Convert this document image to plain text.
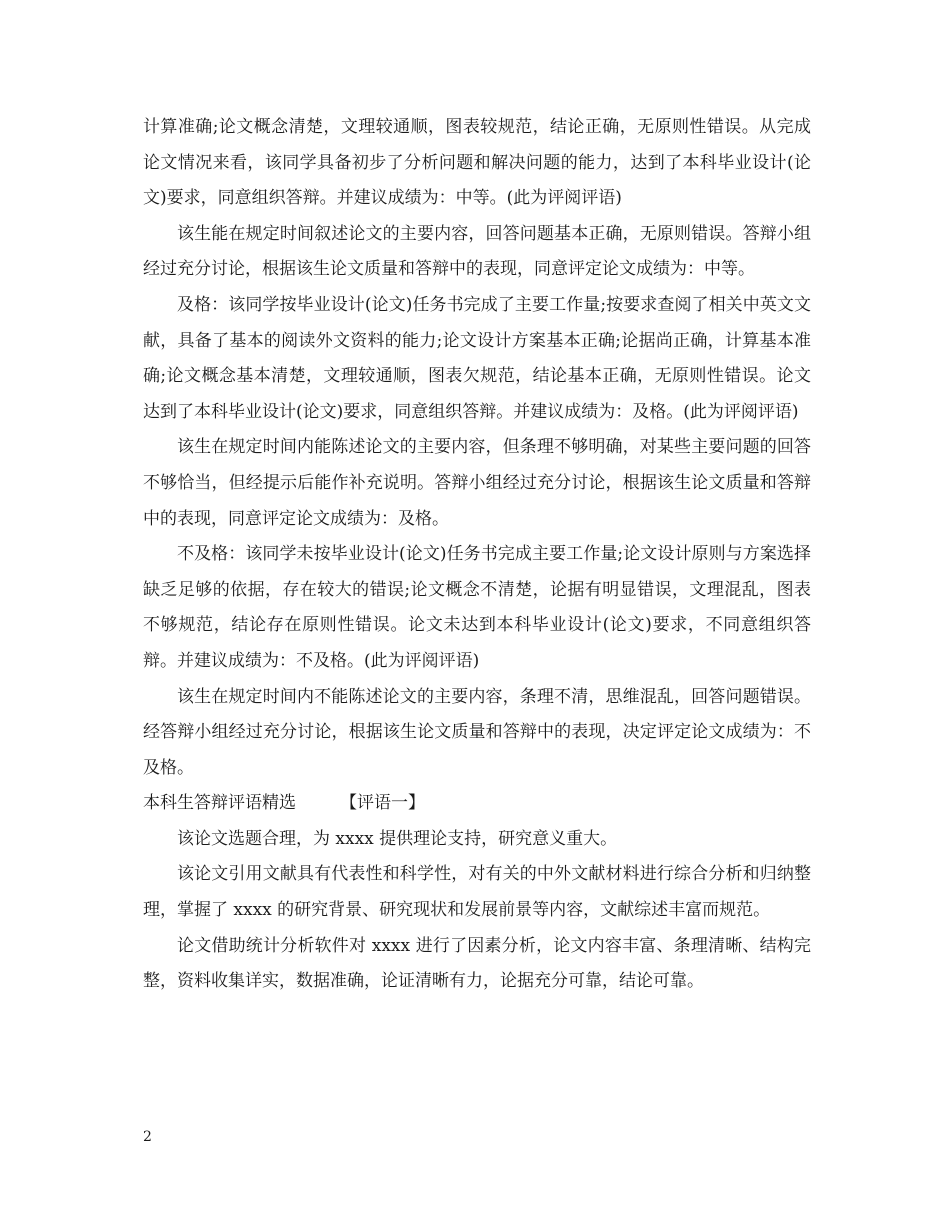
计算准确;论文概念清楚，文理较通顺，图表较规范，结论正确，无原则性错误。从完成论文情况来看，该同学具备初步了分析问题和解决问题的能力，达到了本科毕业设计(论文)要求，同意组织答辩。并建议成绩为：中等。(此为评阅评语)

该生能在规定时间叙述论文的主要内容，回答问题基本正确，无原则错误。答辩小组经过充分讨论，根据该生论文质量和答辩中的表现，同意评定论文成绩为：中等。

及格：该同学按毕业设计(论文)任务书完成了主要工作量;按要求查阅了相关中英文文献，具备了基本的阅读外文资料的能力;论文设计方案基本正确;论据尚正确，计算基本准确;论文概念基本清楚，文理较通顺，图表欠规范，结论基本正确，无原则性错误。论文达到了本科毕业设计(论文)要求，同意组织答辩。并建议成绩为：及格。(此为评阅评语)

该生在规定时间内能陈述论文的主要内容，但条理不够明确，对某些主要问题的回答不够恰当，但经提示后能作补充说明。答辩小组经过充分讨论，根据该生论文质量和答辩中的表现，同意评定论文成绩为：及格。

不及格：该同学未按毕业设计(论文)任务书完成主要工作量;论文设计原则与方案选择缺乏足够的依据，存在较大的错误;论文概念不清楚，论据有明显错误，文理混乱，图表不够规范，结论存在原则性错误。论文未达到本科毕业设计(论文)要求，不同意组织答辩。并建议成绩为：不及格。(此为评阅评语)

该生在规定时间内不能陈述论文的主要内容，条理不清，思维混乱，回答问题错误。经答辩小组经过充分讨论，根据该生论文质量和答辩中的表现，决定评定论文成绩为：不及格。

本科生答辩评语精选	【评语一】

该论文选题合理，为 xxxx 提供理论支持，研究意义重大。

该论文引用文献具有代表性和科学性，对有关的中外文献材料进行综合分析和归纳整理，掌握了 xxxx 的研究背景、研究现状和发展前景等内容，文献综述丰富而规范。

论文借助统计分析软件对 xxxx 进行了因素分析，论文内容丰富、条理清晰、结构完整，资料收集详实，数据准确，论证清晰有力，论据充分可靠，结论可靠。

2
